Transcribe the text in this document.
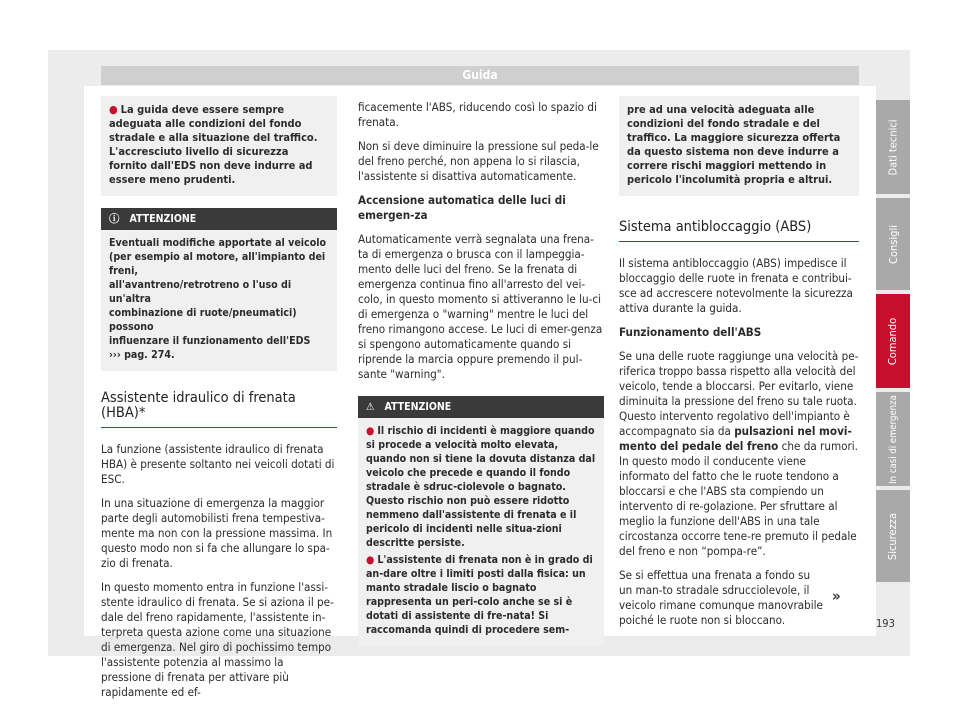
Guida
● La guida deve essere sempre adeguata alle condizioni del fondo stradale e alla situazione del traffico. L'accresciuto livello di sicurezza fornito dall'EDS non deve indurre ad essere meno prudenti.
ⓘ ATTENZIONE
Eventuali modifiche apportate al veicolo
(per esempio al motore, all'impianto dei freni,
all'avantreno/retrotreno o l'uso di un'altra
combinazione di ruote/pneumatici) possono
influenzare il funzionamento dell'EDS
››› pag. 274.
Assistente idraulico di frenata (HBA)*

La funzione (assistente idraulico di frenata HBA) è presente soltanto nei veicoli dotati di ESC.

In una situazione di emergenza la maggior parte degli automobilisti frena tempestiva-mente ma non con la pressione massima. In questo modo non si fa che allungare lo spa-zio di frenata.

In questo momento entra in funzione l'assi-stente idraulico di frenata. Se si aziona il pe-dale del freno rapidamente, l'assistente in-terpreta questa azione come una situazione di emergenza. Nel giro di pochissimo tempo l'assistente potenzia al massimo la pressione di frenata per attivare più rapidamente ed ef-

ficacemente l'ABS, riducendo così lo spazio di frenata.

Non si deve diminuire la pressione sul peda-le del freno perché, non appena lo si rilascia, l'assistente si disattiva automaticamente.

Accensione automatica delle luci di emergen-za

Automaticamente verrà segnalata una frena-ta di emergenza o brusca con il lampeggia-mento delle luci del freno. Se la frenata di emergenza continua fino all'arresto del vei-colo, in questo momento si attiveranno le lu-ci di emergenza o "warning" mentre le luci del freno rimangono accese. Le luci di emer-genza si spengono automaticamente quando si riprende la marcia oppure premendo il pul-sante "warning".

⚠ ATTENZIONE
● Il rischio di incidenti è maggiore quando si procede a velocità molto elevata, quando non si tiene la dovuta distanza dal veicolo che precede e quando il fondo stradale è sdruc-ciolevole o bagnato. Questo rischio non può essere ridotto nemmeno dall'assistente di frenata e il pericolo di incidenti nelle situa-zioni descritte persiste.
● L'assistente di frenata non è in grado di an-dare oltre i limiti posti dalla fisica: un manto stradale liscio o bagnato rappresenta un peri-colo anche se si è dotati di assistente di fre-nata! Si raccomanda quindi di procedere sem-
pre ad una velocità adeguata alle condizioni del fondo stradale e del traffico. La maggiore sicurezza offerta da questo sistema non deve indurre a correre rischi maggiori mettendo in pericolo l'incolumità propria e altrui.
Sistema antibloccaggio (ABS)

Il sistema antibloccaggio (ABS) impedisce il bloccaggio delle ruote in frenata e contribui-sce ad accrescere notevolmente la sicurezza attiva durante la guida.

Funzionamento dell'ABS

Se una delle ruote raggiunge una velocità pe-riferica troppo bassa rispetto alla velocità del veicolo, tende a bloccarsi. Per evitarlo, viene diminuita la pressione del freno su tale ruota. Questo intervento regolativo dell'impianto è accompagnato sia da pulsazioni nel movi-mento del pedale del freno che da rumori. In questo modo il conducente viene informato del fatto che le ruote tendono a bloccarsi e che l'ABS sta compiendo un intervento di re-golazione. Per sfruttare al meglio la funzione dell'ABS in una tale circostanza occorre tene-re premuto il pedale del freno e non “pompa-re”.

Se si effettua una frenata a fondo su un man-to stradale sdrucciolevole, il veicolo rimane comunque manovrabile poiché le ruote non si bloccano.

»
Dati tecnici
Consigli
Comando
In casi di emergenza
Sicurezza
193
